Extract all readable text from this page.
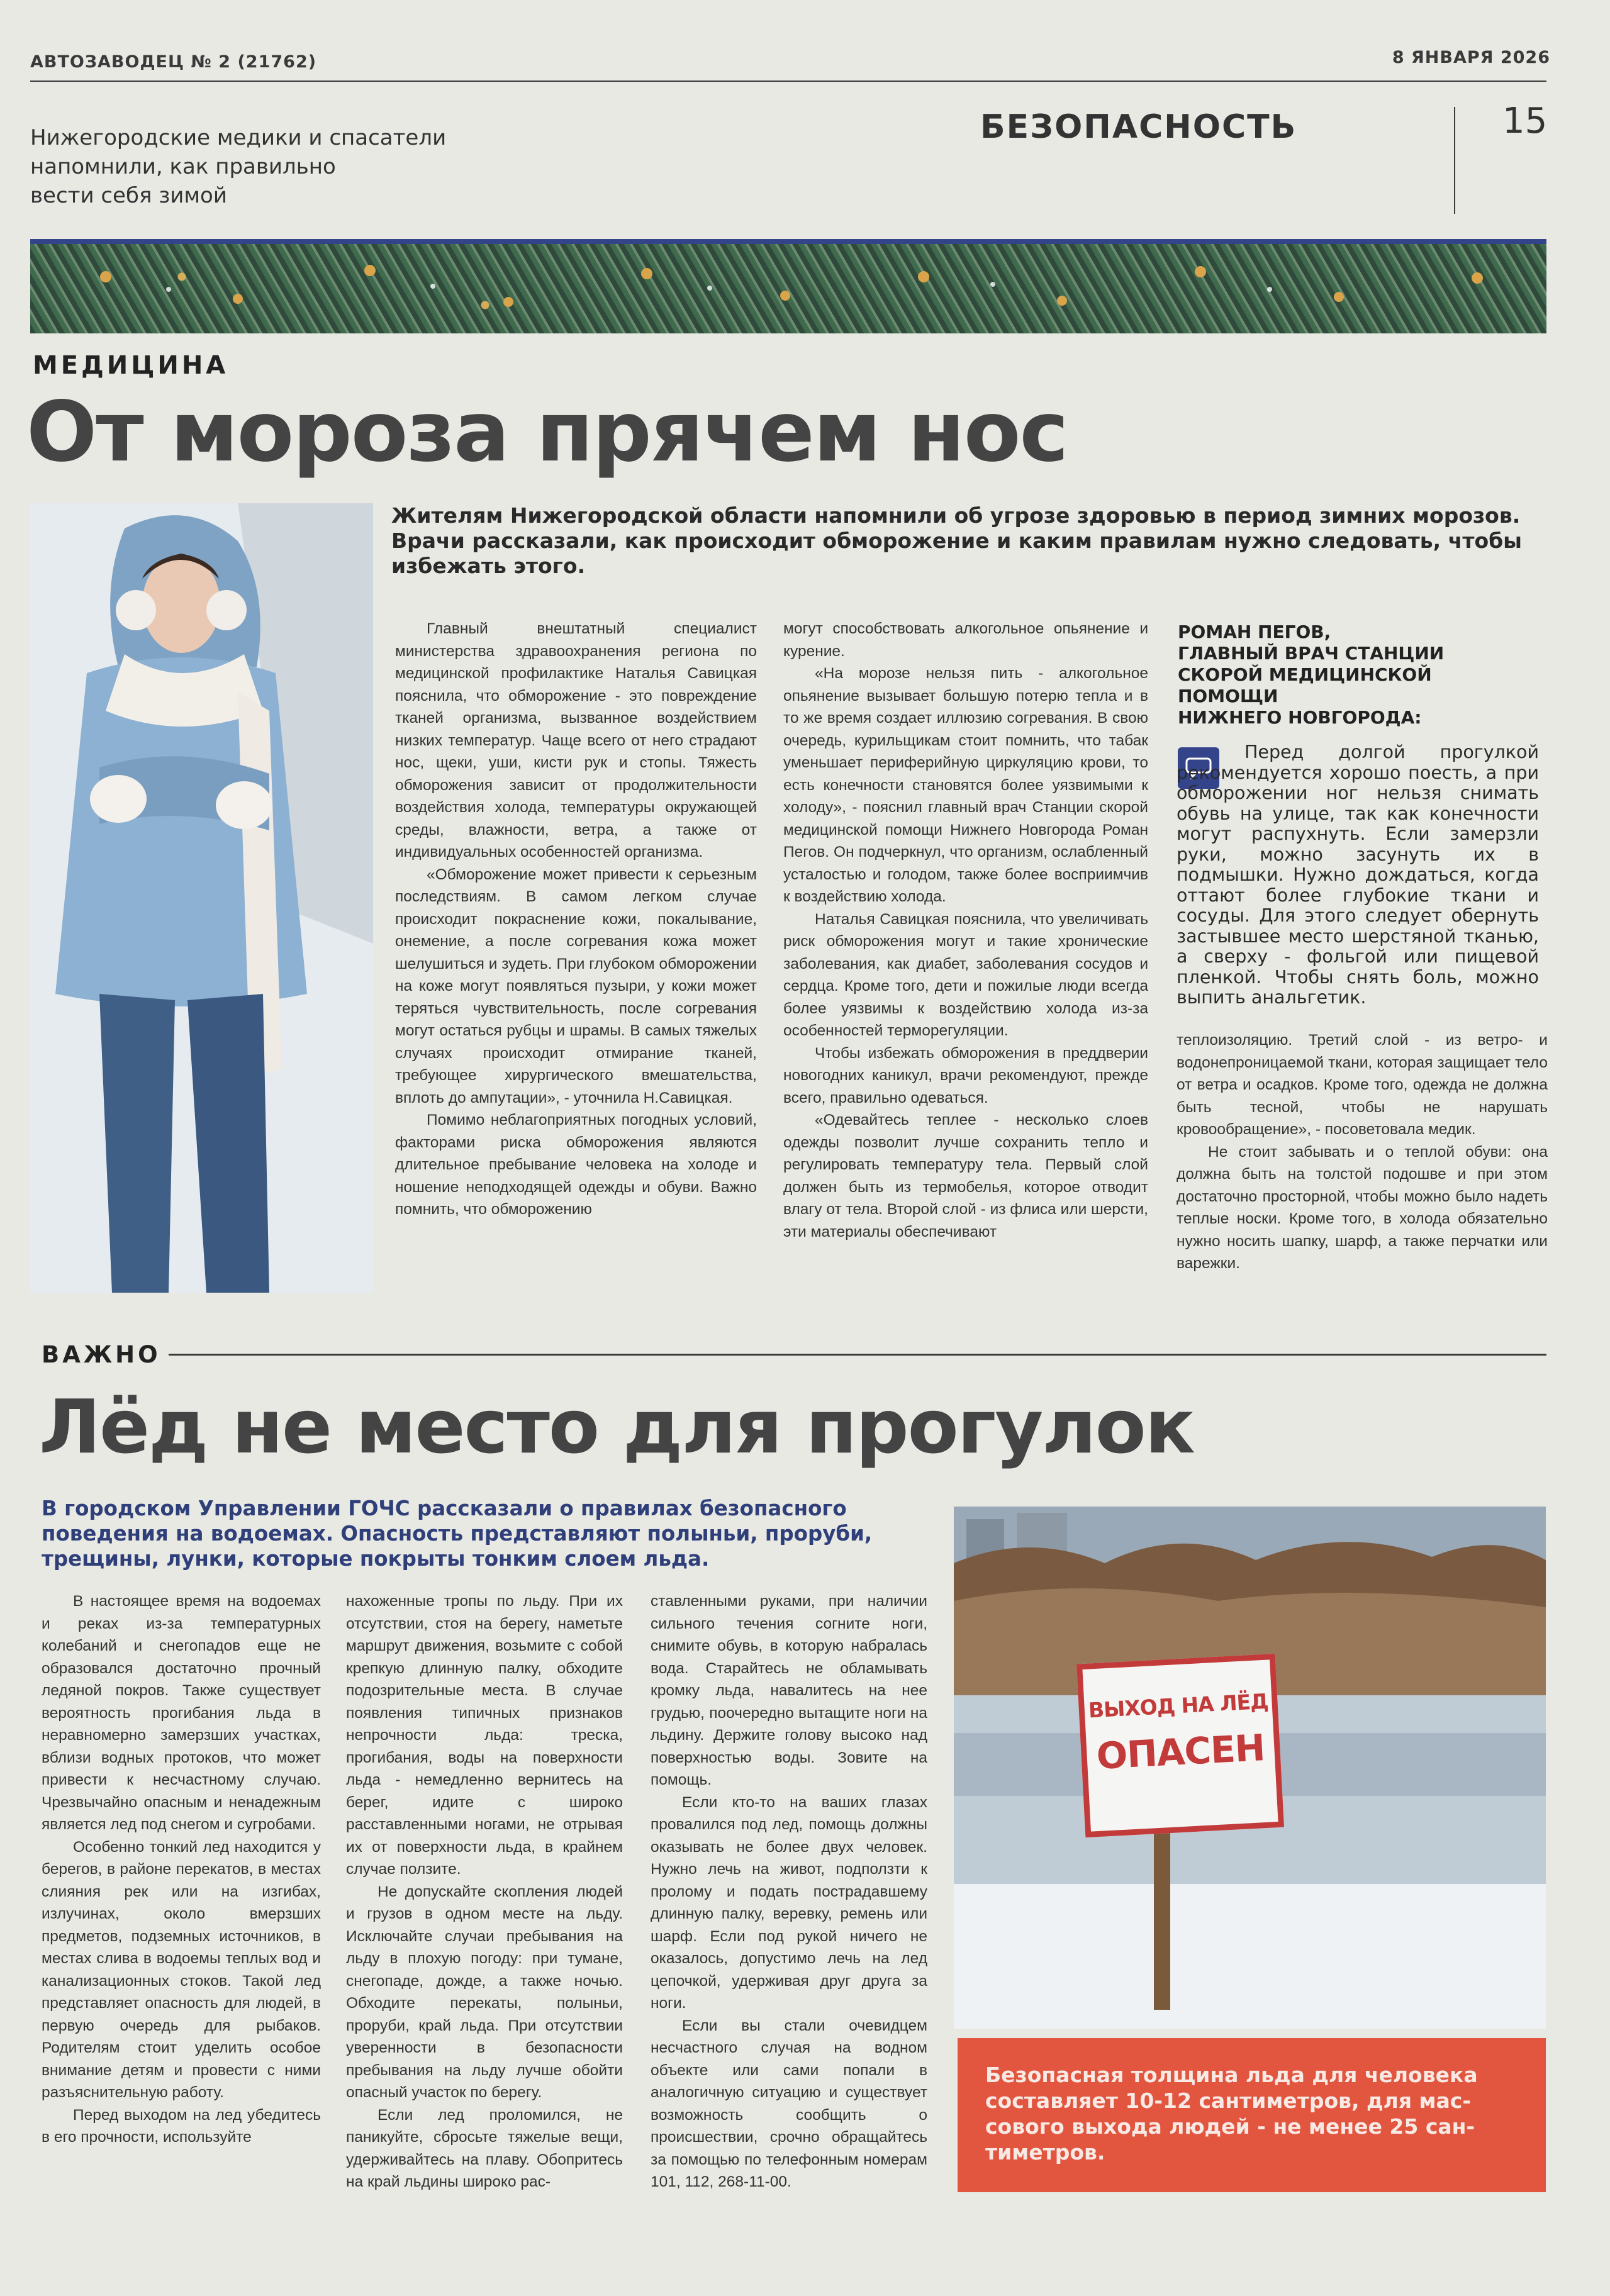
АВТОЗАВОДЕЦ № 2 (21762)	8 ЯНВАРЯ 2026
Нижегородские медики и спасатели
напомнили, как правильно
вести себя зимой
БЕЗОПАСНОСТЬ	15
МЕДИЦИНА
От мороза прячем нос
Жителям Нижегородской области напомнили об угрозе здоровью в период зимних морозов.
Врачи рассказали, как происходит обморожение и каким правилам нужно следовать, чтобы
избежать этого.

Главный внештатный специалист министерства здравоохранения региона по медицинской профилактике Наталья Савицкая пояснила, что обморожение - это повреждение тканей организма, вызванное воздействием низких температур. Чаще всего от него страдают нос, щеки, уши, кисти рук и стопы. Тяжесть обморожения зависит от продолжительности воздействия холода, температуры окружающей среды, влажности, ветра, а также от индивидуальных особенностей организма.

«Обморожение может привести к серьезным последствиям. В самом легком случае происходит покраснение кожи, покалывание, онемение, а после согревания кожа может шелушиться и зудеть. При глубоком обморожении на коже могут появляться пузыри, у кожи может теряться чувствительность, после согревания могут остаться рубцы и шрамы. В самых тяжелых случаях происходит отмирание тканей, требующее хирургического вмешательства, вплоть до ампутации», - уточнила Н.Савицкая.

Помимо неблагоприятных погодных условий, факторами риска обморожения являются длительное пребывание человека на холоде и ношение неподходящей одежды и обуви. Важно помнить, что обморожению

могут способствовать алкогольное опьянение и курение.

«На морозе нельзя пить - алкогольное опьянение вызывает большую потерю тепла и в то же время создает иллюзию согревания. В свою очередь, курильщикам стоит помнить, что табак уменьшает периферийную циркуляцию крови, то есть конечности становятся более уязвимыми к холоду», - пояснил главный врач Станции скорой медицинской помощи Нижнего Новгорода Роман Пегов. Он подчеркнул, что организм, ослабленный усталостью и голодом, также более восприимчив к воздействию холода.

Наталья Савицкая пояснила, что увеличивать риск обморожения могут и такие хронические заболевания, как диабет, заболевания сосудов и сердца. Кроме того, дети и пожилые люди всегда более уязвимы к воздействию холода из-за особенностей терморегуляции.

Чтобы избежать обморожения в преддверии новогодних каникул, врачи рекомендуют, прежде всего, правильно одеваться.

«Одевайтесь теплее - несколько слоев одежды позволит лучше сохранить тепло и регулировать температуру тела. Первый слой должен быть из термобелья, которое отводит влагу от тела. Второй слой - из флиса или шерсти, эти материалы обеспечивают

РОМАН ПЕГОВ,
ГЛАВНЫЙ ВРАЧ СТАНЦИИ
СКОРОЙ МЕДИЦИНСКОЙ
ПОМОЩИ
НИЖНЕГО НОВГОРОДА:
Перед долгой прогулкой рекомендуется хорошо поесть, а при обморожении ног нельзя снимать обувь на улице, так как конечности могут распухнуть. Если замерзли руки, можно засунуть их в подмышки. Нужно дождаться, когда оттают более глубокие ткани и сосуды. Для этого следует обернуть застывшее место шерстяной тканью, а сверху - фольгой или пищевой пленкой. Чтобы снять боль, можно выпить анальгетик.

теплоизоляцию. Третий слой - из ветро- и водонепроницаемой ткани, которая защищает тело от ветра и осадков. Кроме того, одежда не должна быть тесной, чтобы не нарушать кровообращение», - посоветовала медик.

Не стоит забывать и о теплой обуви: она должна быть на толстой подошве и при этом достаточно просторной, чтобы можно было надеть теплые носки. Кроме того, в холода обязательно нужно носить шапку, шарф, а также перчатки или варежки.

ВАЖНО
Лёд не место для прогулок
В городском Управлении ГОЧС рассказали о правилах безопасного
поведения на водоемах. Опасность представляют полыньи, проруби,
трещины, лунки, которые покрыты тонким слоем льда.

В настоящее время на водоемах и реках из-за температурных колебаний и снегопадов еще не образовался достаточно прочный ледяной покров. Также существует вероятность прогибания льда в неравномерно замерзших участках, вблизи водных протоков, что может привести к несчастному случаю. Чрезвычайно опасным и ненадежным является лед под снегом и сугробами.

Особенно тонкий лед находится у берегов, в районе перекатов, в местах слияния рек или на изгибах, излучинах, около вмерзших предметов, подземных источников, в местах слива в водоемы теплых вод и канализационных стоков. Такой лед представляет опасность для людей, в первую очередь для рыбаков. Родителям стоит уделить особое внимание детям и провести с ними разъяснительную работу.

Перед выходом на лед убедитесь в его прочности, используйте

нахоженные тропы по льду. При их отсутствии, стоя на берегу, наметьте маршрут движения, возьмите с собой крепкую длинную палку, обходите подозрительные места. В случае появления типичных признаков непрочности льда: треска, прогибания, воды на поверхности льда - немедленно вернитесь на берег, идите с широко расставленными ногами, не отрывая их от поверхности льда, в крайнем случае ползите.

Не допускайте скопления людей и грузов в одном месте на льду. Исключайте случаи пребывания на льду в плохую погоду: при тумане, снегопаде, дожде, а также ночью. Обходите перекаты, полыньи, проруби, край льда. При отсутствии уверенности в безопасности пребывания на льду лучше обойти опасный участок по берегу.

Если лед проломился, не паникуйте, сбросьте тяжелые вещи, удерживайтесь на плаву. Обопритесь на край льдины широко рас-

ставленными руками, при наличии сильного течения согните ноги, снимите обувь, в которую набралась вода. Старайтесь не обламывать кромку льда, навалитесь на нее грудью, поочередно вытащите ноги на льдину. Держите голову высоко над поверхностью воды. Зовите на помощь.

Если кто-то на ваших глазах провалился под лед, помощь должны оказывать не более двух человек. Нужно лечь на живот, подползти к пролому и подать пострадавшему длинную палку, веревку, ремень или шарф. Если под рукой ничего не оказалось, допустимо лечь на лед цепочкой, удерживая друг друга за ноги.

Если вы стали очевидцем несчастного случая на водном объекте или сами попали в аналогичную ситуацию и существует возможность сообщить о происшествии, срочно обращайтесь за помощью по телефонным номерам 101, 112, 268-11-00.

ВЫХОД НА ЛЁД
ОПАСЕН
Безопасная толщина льда для человека
составляет 10-12 сантиметров, для мас-
сового выхода людей - не менее 25 сан-
тиметров.
